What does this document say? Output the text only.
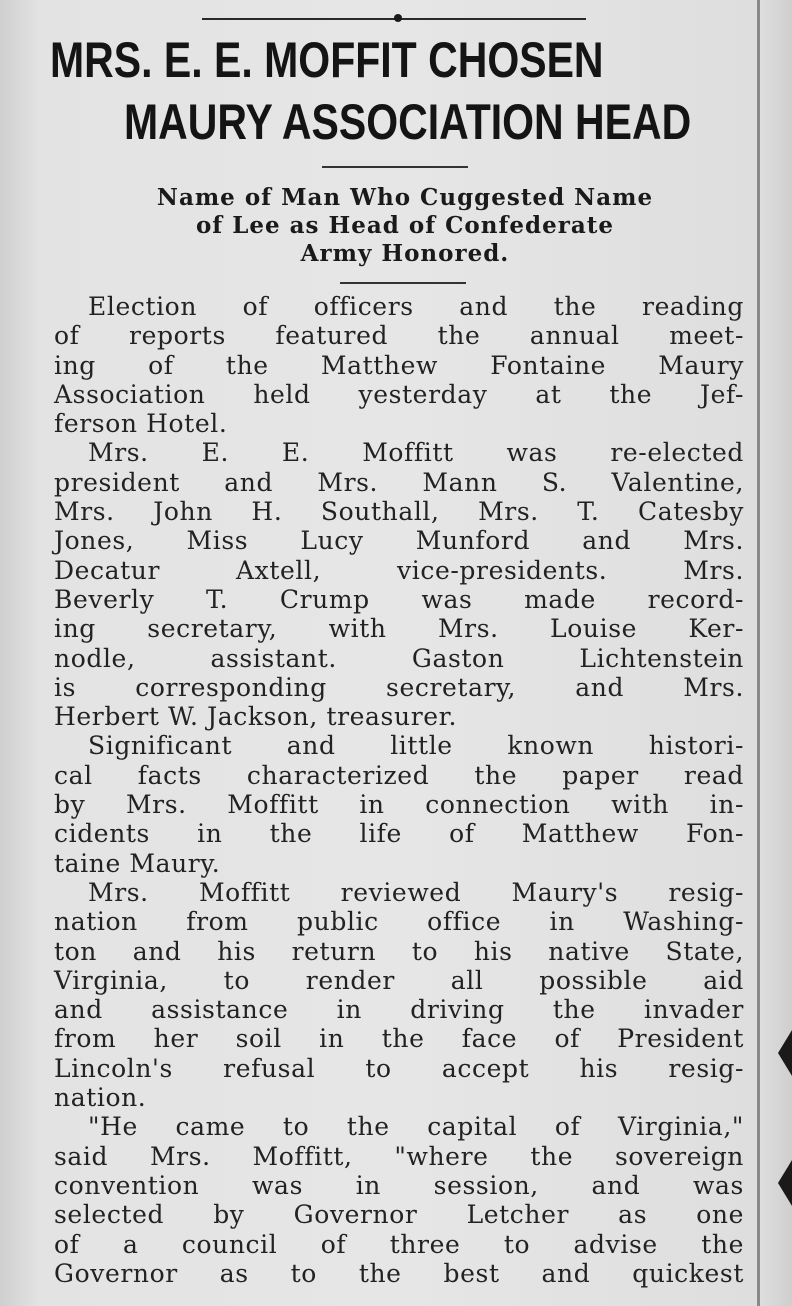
MRS. E. E. MOFFIT CHOSEN
MAURY ASSOCIATION HEAD
Name of Man Who Cuggested Name
of Lee as Head of Confederate
Army Honored.
Election of officers and the reading
of reports featured the annual meet-
ing of the Matthew Fontaine Maury
Association held yesterday at the Jef-
ferson Hotel.
Mrs. E. E. Moffitt was re-elected
president and Mrs. Mann S. Valentine,
Mrs. John H. Southall, Mrs. T. Catesby
Jones, Miss Lucy Munford and Mrs.
Decatur Axtell, vice-presidents. Mrs.
Beverly T. Crump was made record-
ing secretary, with Mrs. Louise Ker-
nodle, assistant. Gaston Lichtenstein
is corresponding secretary, and Mrs.
Herbert W. Jackson, treasurer.
Significant and little known histori-
cal facts characterized the paper read
by Mrs. Moffitt in connection with in-
cidents in the life of Matthew Fon-
taine Maury.
Mrs. Moffitt reviewed Maury's resig-
nation from public office in Washing-
ton and his return to his native State,
Virginia, to render all possible aid
and assistance in driving the invader
from her soil in the face of President
Lincoln's refusal to accept his resig-
nation.
"He came to the capital of Virginia,"
said Mrs. Moffitt, "where the sovereign
convention was in session, and was
selected by Governor Letcher as one
of a council of three to advise the
Governor as to the best and quickest
